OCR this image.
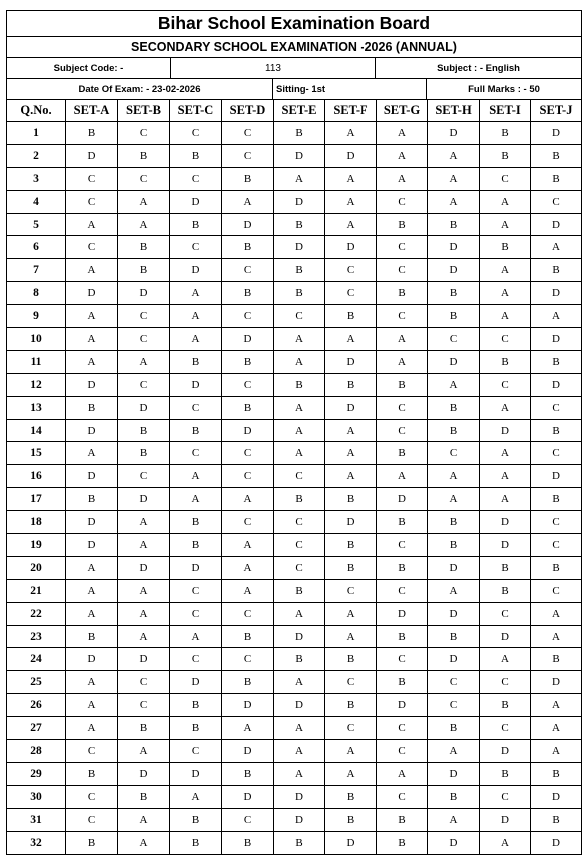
Bihar School Examination Board				
SECONDARY SCHOOL EXAMINATION -2026 (ANNUAL)				
Subject Code: -	113		Subject : - English	
Date Of Exam: - 23-02-2026		Sitting- 1st		Full Marks : - 50
Q.No.	SET-A	SET-B	SET-C	SET-D	SET-E	SET-F	SET-G	SET-H	SET-I	SET-J
1	B	C	C	C	B	A	A	D	B	D
2	D	B	B	C	D	D	A	A	B	B
3	C	C	C	B	A	A	A	A	C	B
4	C	A	D	A	D	A	C	A	A	C
5	A	A	B	D	B	A	B	B	A	D
6	C	B	C	B	D	D	C	D	B	A
7	A	B	D	C	B	C	C	D	A	B
8	D	D	A	B	B	C	B	B	A	D
9	A	C	A	C	C	B	C	B	A	A
10	A	C	A	D	A	A	A	C	C	D
11	A	A	B	B	A	D	A	D	B	B
12	D	C	D	C	B	B	B	A	C	D
13	B	D	C	B	A	D	C	B	A	C
14	D	B	B	D	A	A	C	B	D	B
15	A	B	C	C	A	A	B	C	A	C
16	D	C	A	C	C	A	A	A	A	D
17	B	D	A	A	B	B	D	A	A	B
18	D	A	B	C	C	D	B	B	D	C
19	D	A	B	A	C	B	C	B	D	C
20	A	D	D	A	C	B	B	D	B	B
21	A	A	C	A	B	C	C	A	B	C
22	A	A	C	C	A	A	D	D	C	A
23	B	A	A	B	D	A	B	B	D	A
24	D	D	C	C	B	B	C	D	A	B
25	A	C	D	B	A	C	B	C	C	D
26	A	C	B	D	D	B	D	C	B	A
27	A	B	B	A	A	C	C	B	C	A
28	C	A	C	D	A	A	C	A	D	A
29	B	D	D	B	A	A	A	D	B	B
30	C	B	A	D	D	B	C	B	C	D
31	C	A	B	C	D	B	B	A	D	B
32	B	A	B	B	B	D	B	D	A	D
